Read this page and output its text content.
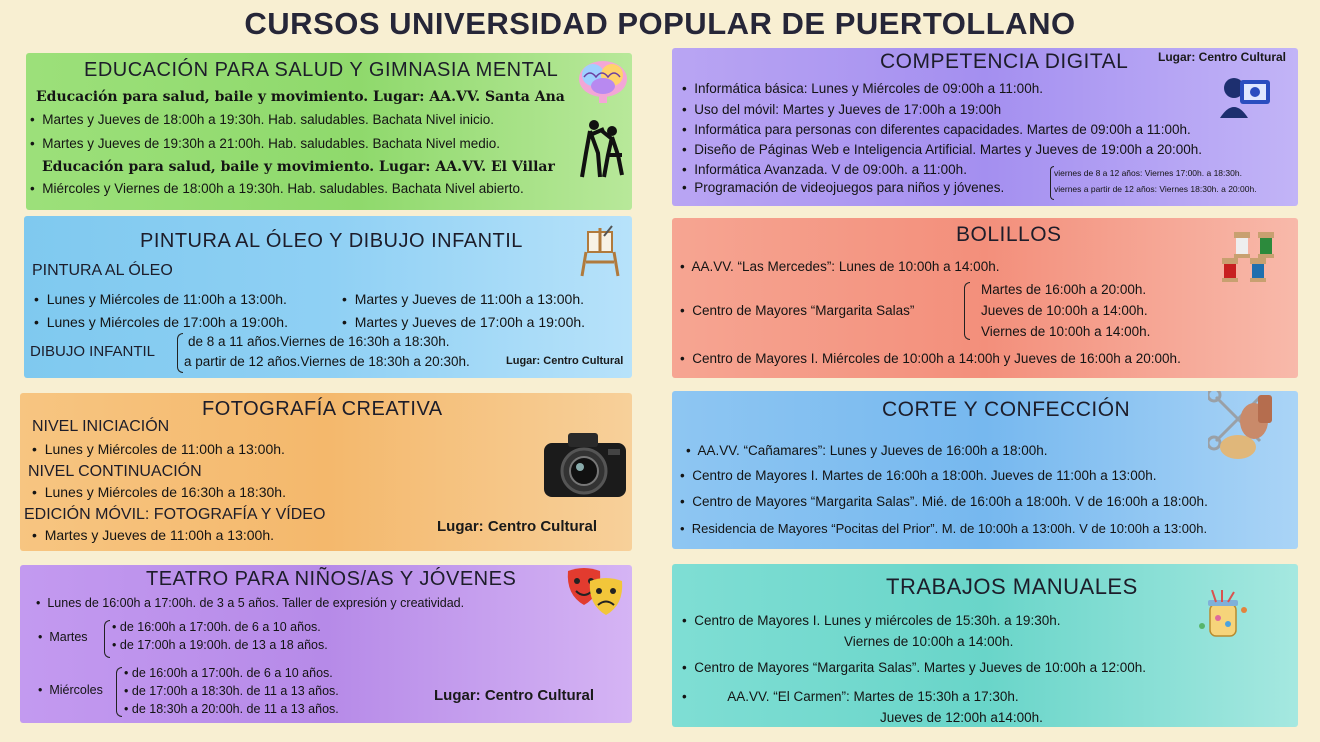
CURSOS UNIVERSIDAD POPULAR DE PUERTOLLANO
EDUCACIÓN PARA SALUD Y GIMNASIA MENTAL
Educación para salud, baile y movimiento. Lugar: AA.VV. Santa Ana
• Martes y Jueves de 18:00h a 19:30h. Hab. saludables. Bachata Nivel inicio.
• Martes y Jueves de 19:30h a 21:00h. Hab. saludables. Bachata Nivel medio.
Educación para salud, baile y movimiento. Lugar: AA.VV. El Villar
• Miércoles y Viernes de 18:00h a 19:30h. Hab. saludables. Bachata Nivel abierto.
PINTURA AL ÓLEO Y DIBUJO INFANTIL
PINTURA AL ÓLEO
• Lunes y Miércoles de 11:00h a 13:00h.	• Martes y Jueves de 11:00h a 13:00h.
• Lunes y Miércoles de 17:00h a 19:00h.	• Martes y Jueves de 17:00h a 19:00h.
DIBUJO INFANTIL
de 8 a 11 años.Viernes de 16:30h a 18:30h.
a partir de 12 años.Viernes de 18:30h a 20:30h.	Lugar: Centro Cultural
FOTOGRAFÍA CREATIVA
NIVEL INICIACIÓN
• Lunes y Miércoles de 11:00h a 13:00h.
NIVEL CONTINUACIÓN
• Lunes y Miércoles de 16:30h a 18:30h.
EDICIÓN MÓVIL: FOTOGRAFÍA Y VÍDEO
• Martes y Jueves de 11:00h a 13:00h.	Lugar: Centro Cultural
TEATRO PARA NIÑOS/AS Y JÓVENES
• Lunes de 16:00h a 17:00h. de 3 a 5 años. Taller de expresión y creatividad.
• Martes
• de 16:00h a 17:00h. de 6 a 10 años.
• de 17:00h a 19:00h. de 13 a 18 años.
• Miércoles
• de 16:00h a 17:00h. de 6 a 10 años.
• de 17:00h a 18:30h. de 11 a 13 años.
• de 18:30h a 20:00h. de 11 a 13 años.
Lugar: Centro Cultural
COMPETENCIA DIGITAL Lugar: Centro Cultural
• Informática básica: Lunes y Miércoles de 09:00h a 11:00h.
• Uso del móvil: Martes y Jueves de 17:00h a 19:00h
• Informática para personas con diferentes capacidades. Martes de 09:00h a 11:00h.
• Diseño de Páginas Web e Inteligencia Artificial. Martes y Jueves de 19:00h a 20:00h.
• Informática Avanzada. V de 09:00h. a 11:00h.
• Programación de videojuegos para niños y jóvenes.
viernes de 8 a 12 años: Viernes 17:00h. a 18:30h.
viernes a partir de 12 años: Viernes 18:30h. a 20:00h.
BOLILLOS
• AA.VV. “Las Mercedes”: Lunes de 10:00h a 14:00h.
• Centro de Mayores “Margarita Salas”
Martes de 16:00h a 20:00h.
Jueves de 10:00h a 14:00h.
Viernes de 10:00h a 14:00h.
• Centro de Mayores I. Miércoles de 10:00h a 14:00h y Jueves de 16:00h a 20:00h.
CORTE Y CONFECCIÓN
• AA.VV. “Cañamares”: Lunes y Jueves de 16:00h a 18:00h.
• Centro de Mayores I. Martes de 16:00h a 18:00h. Jueves de 11:00h a 13:00h.
• Centro de Mayores “Margarita Salas”. Mié. de 16:00h a 18:00h. V de 16:00h a 18:00h.
• Residencia de Mayores “Pocitas del Prior”. M. de 10:00h a 13:00h. V de 10:00h a 13:00h.
TRABAJOS MANUALES
• Centro de Mayores I. Lunes y miércoles de 15:30h. a 19:30h.
Viernes de 10:00h a 14:00h.
• Centro de Mayores “Margarita Salas”. Martes y Jueves de 10:00h a 12:00h.
•	AA.VV. “El Carmen”: Martes de 15:30h a 17:30h.
Jueves de 12:00h a14:00h.
